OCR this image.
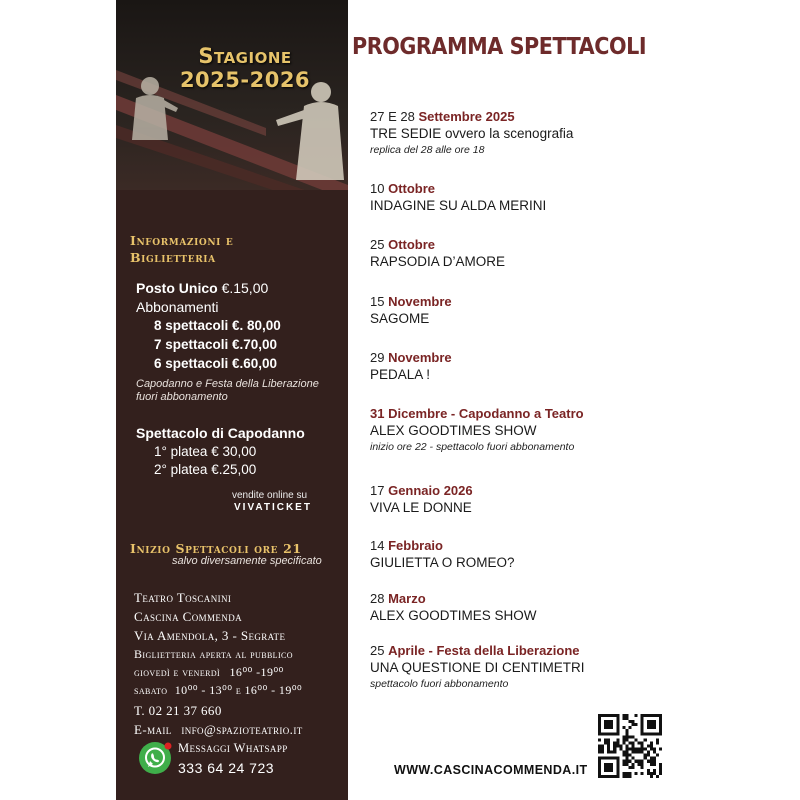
Stagione
2025-2026
Informazioni e
Biglietteria
Posto Unico €.15,00
Abbonamenti
8 spettacoli €. 80,00
7 spettacoli €.70,00
6 spettacoli €.60,00
Capodanno e Festa della Liberazione
fuori abbonamento
Spettacolo di Capodanno
1° platea € 30,00
2° platea €.25,00
vendite online su
VIVATICKET
Inizio Spettacoli ore 21
salvo diversamente specificato
Teatro Toscanini
Cascina Commenda
Via Amendola, 3 - Segrate
Biglietteria aperta al pubblico
giovedì e venerdì 16⁰⁰ -19⁰⁰
sabato 10⁰⁰ - 13⁰⁰ e 16⁰⁰ - 19⁰⁰
T. 02 21 37 660
E-mail info@spazioteatrio.it
Messaggi Whatsapp
333 64 24 723
PROGRAMMA SPETTACOLI
27 E 28 Settembre 2025
TRE SEDIE ovvero la scenografia
replica del 28 alle ore 18
10 Ottobre
INDAGINE SU ALDA MERINI
25 Ottobre
RAPSODIA D’AMORE
15 Novembre
SAGOME
29 Novembre
PEDALA !
31 Dicembre - Capodanno a Teatro
ALEX GOODTIMES SHOW
inizio ore 22 - spettacolo fuori abbonamento
17 Gennaio 2026
VIVA LE DONNE
14 Febbraio
GIULIETTA O ROMEO?
28 Marzo
ALEX GOODTIMES SHOW
25 Aprile - Festa della Liberazione
UNA QUESTIONE DI CENTIMETRI
spettacolo fuori abbonamento
WWW.CASCINACOMMENDA.IT
